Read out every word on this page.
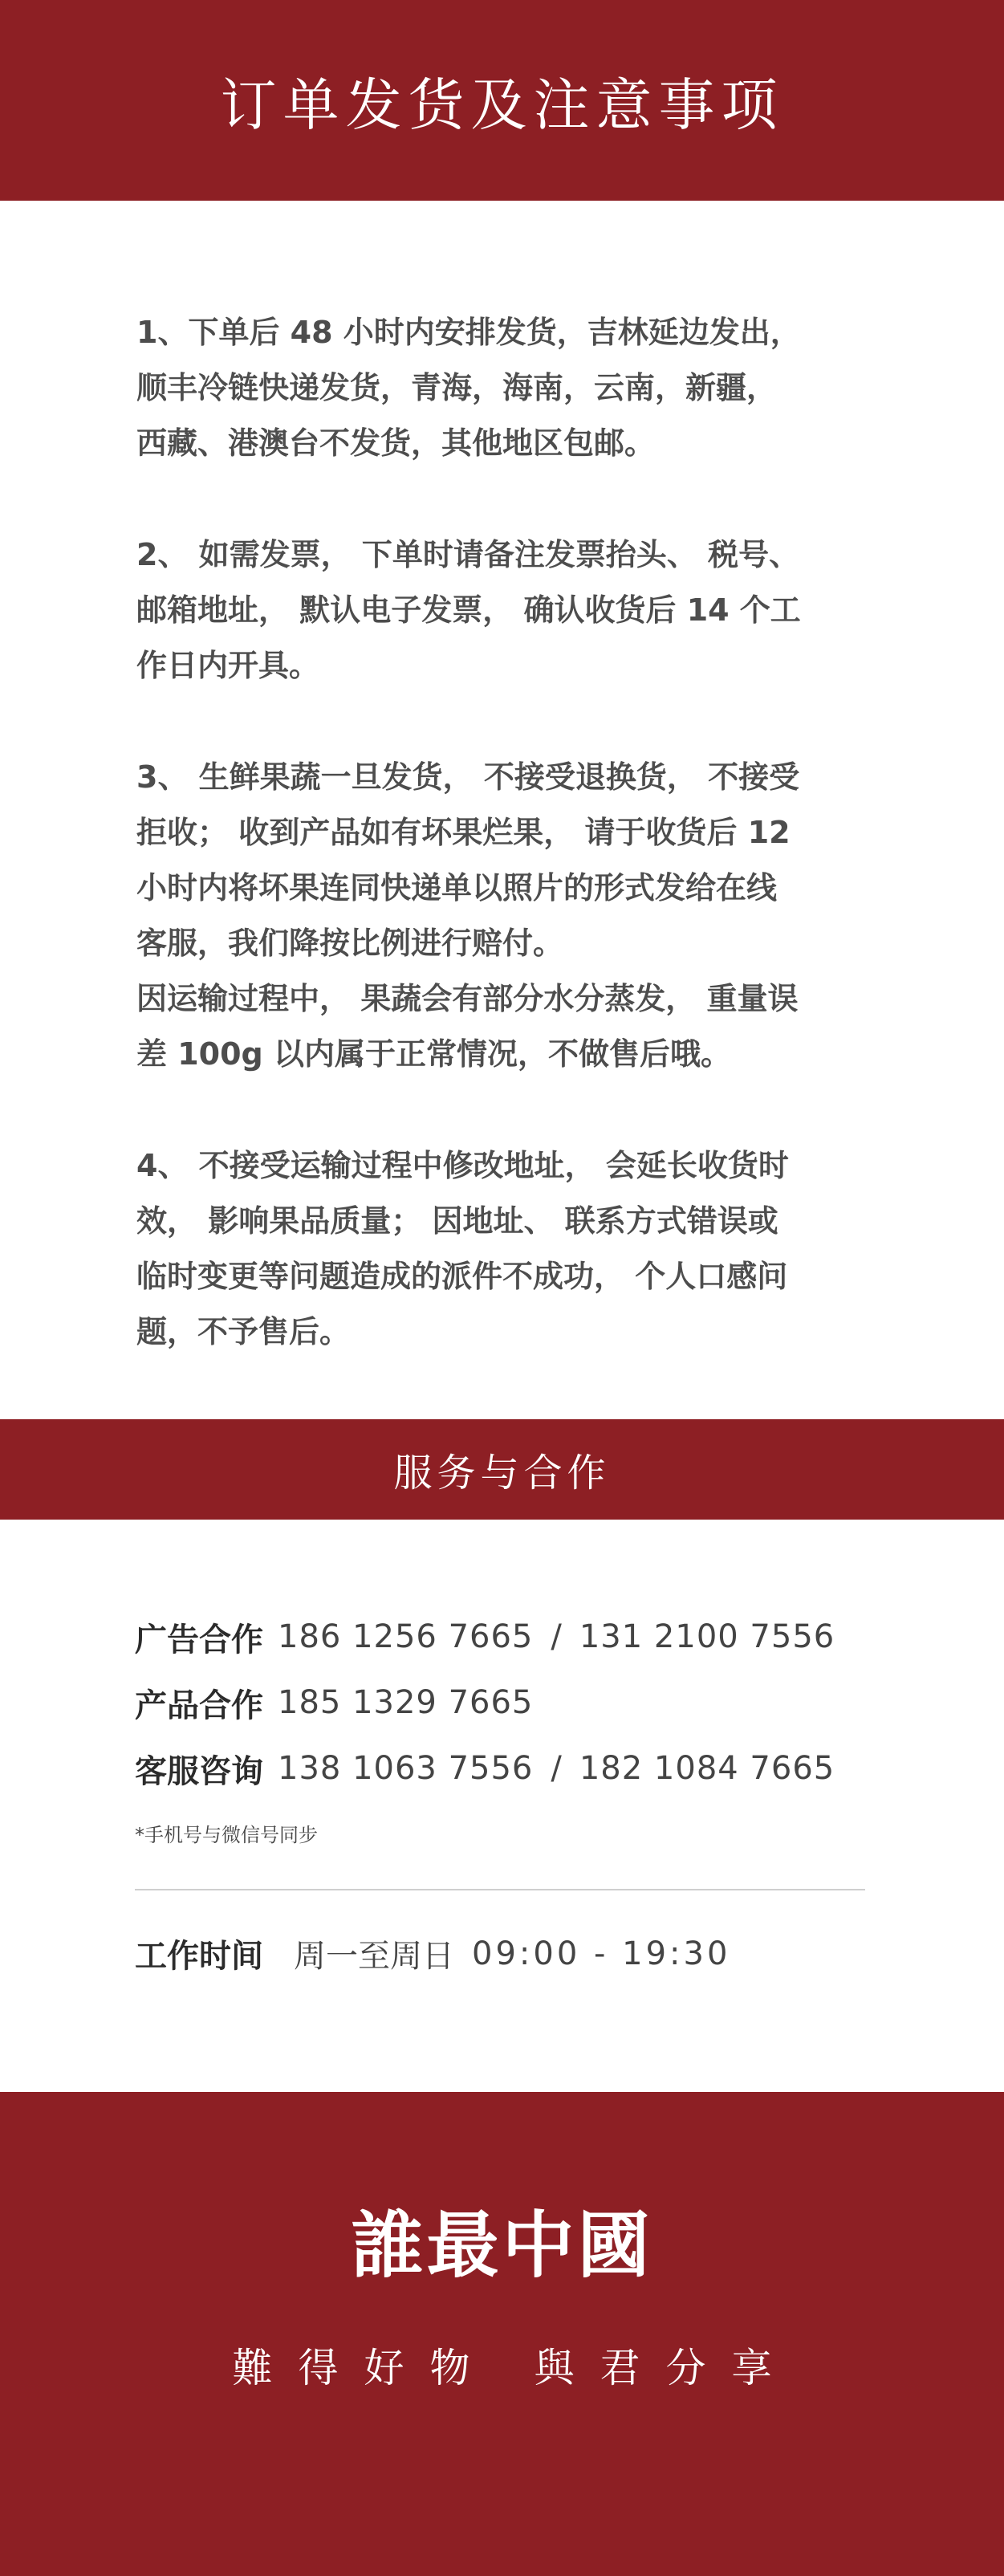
订单发货及注意事项

1、下单后 48 小时内安排发货，吉林延边发出，

顺丰冷链快递发货，青海，海南，云南，新疆，

西藏、港澳台不发货，其他地区包邮。

2、 如需发票， 下单时请备注发票抬头、 税号、

邮箱地址， 默认电子发票， 确认收货后 14 个工

作日内开具。

3、 生鲜果蔬一旦发货， 不接受退换货， 不接受

拒收； 收到产品如有坏果烂果， 请于收货后 12

小时内将坏果连同快递单以照片的形式发给在线

客服，我们降按比例进行赔付。

因运输过程中， 果蔬会有部分水分蒸发， 重量误

差 100g 以内属于正常情况，不做售后哦。

4、 不接受运输过程中修改地址， 会延长收货时

效， 影响果品质量； 因地址、 联系方式错误或

临时变更等问题造成的派件不成功， 个人口感问

题，不予售后。

服务与合作
广告合作 186 1256 7665 / 131 2100 7556
产品合作 185 1329 7665
客服咨询 138 1063 7556 / 182 1084 7665
*手机号与微信号同步
工作时间 周一至周日 09:00 - 19:30
誰最中國
難得好物 與君分享
